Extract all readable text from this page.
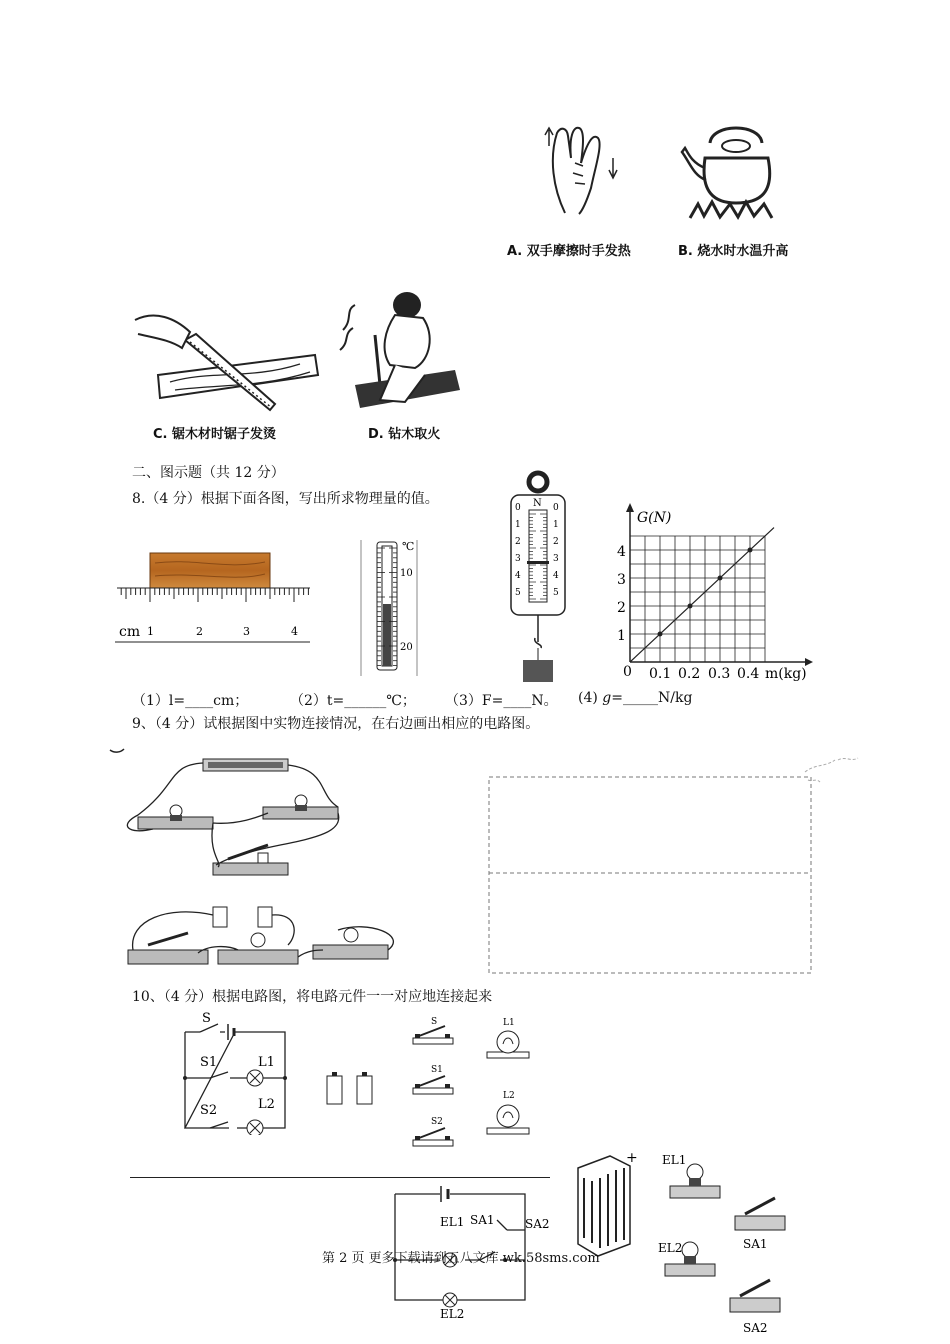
A. 双手摩擦时手发热	B. 烧水时水温升高
C. 锯木材时锯子发烫	D. 钻木取火
二、图示题（共 12 分）
8.（4 分）根据下面各图，写出所求物理量的值。
cm 1	2	3	4
℃
10
20
N
0
1
2
3
4
5
0
1
2
3
4
5
G(N)
m(kg)
0 0.1 0.2 0.3 0.4
1
2
3
4
（1）l=____cm；	（2）t=______℃； （3）F=____N。 (4) g=_____N/kg
9、（4 分）试根据图中实物连接情况，在右边画出相应的电路图。
10、（4 分）根据电路图，将电路元件一一对应地连接起来
S
S1	L1
S2	L2
S
S1
S2
L1
L2
EL1 SA1	SA2
EL2
+ EL1
SA1
EL2
SA2
第 2 页 更多下载请到五八文库 wk.58sms.com
